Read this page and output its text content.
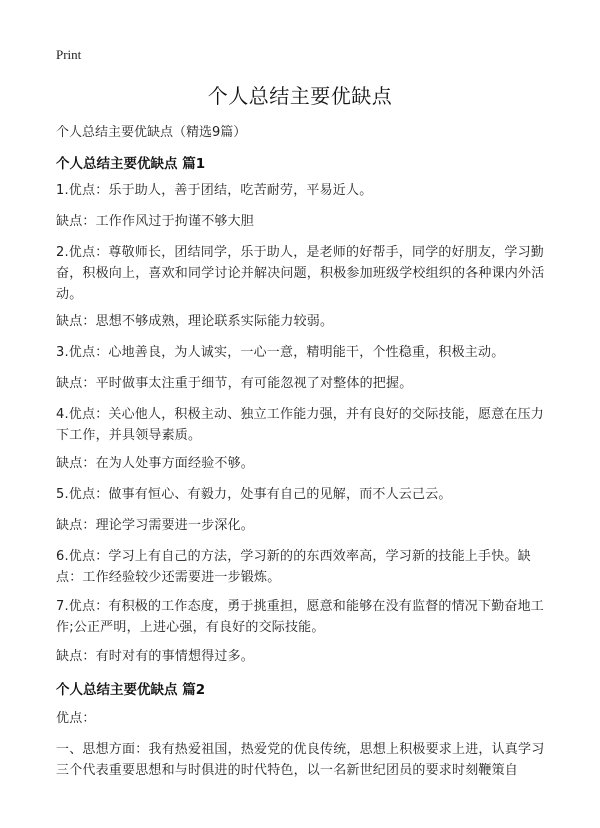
Print
个人总结主要优缺点
个人总结主要优缺点（精选9篇）
个人总结主要优缺点 篇1
1.优点：乐于助人，善于团结，吃苦耐劳，平易近人。
缺点：工作作风过于拘谨不够大胆
2.优点：尊敬师长，团结同学，乐于助人，是老师的好帮手，同学的好朋友，学习勤奋，积极向上，喜欢和同学讨论并解决问题，积极参加班级学校组织的各种课内外活动。
缺点：思想不够成熟，理论联系实际能力较弱。
3.优点：心地善良，为人诚实，一心一意，精明能干，个性稳重，积极主动。
缺点：平时做事太注重于细节，有可能忽视了对整体的把握。
4.优点：关心他人，积极主动、独立工作能力强，并有良好的交际技能，愿意在压力下工作，并具领导素质。
缺点：在为人处事方面经验不够。
5.优点：做事有恒心、有毅力，处事有自己的见解，而不人云己云。
缺点：理论学习需要进一步深化。
6.优点：学习上有自己的方法，学习新的的东西效率高，学习新的技能上手快。缺点：工作经验较少还需要进一步锻炼。
7.优点：有积极的工作态度，勇于挑重担，愿意和能够在没有监督的情况下勤奋地工作;公正严明，上进心强，有良好的交际技能。
缺点：有时对有的事情想得过多。
个人总结主要优缺点 篇2
优点：
一、思想方面：我有热爱祖国，热爱党的优良传统，思想上积极要求上进，认真学习三个代表重要思想和与时俱进的时代特色，以一名新世纪团员的要求时刻鞭策自
